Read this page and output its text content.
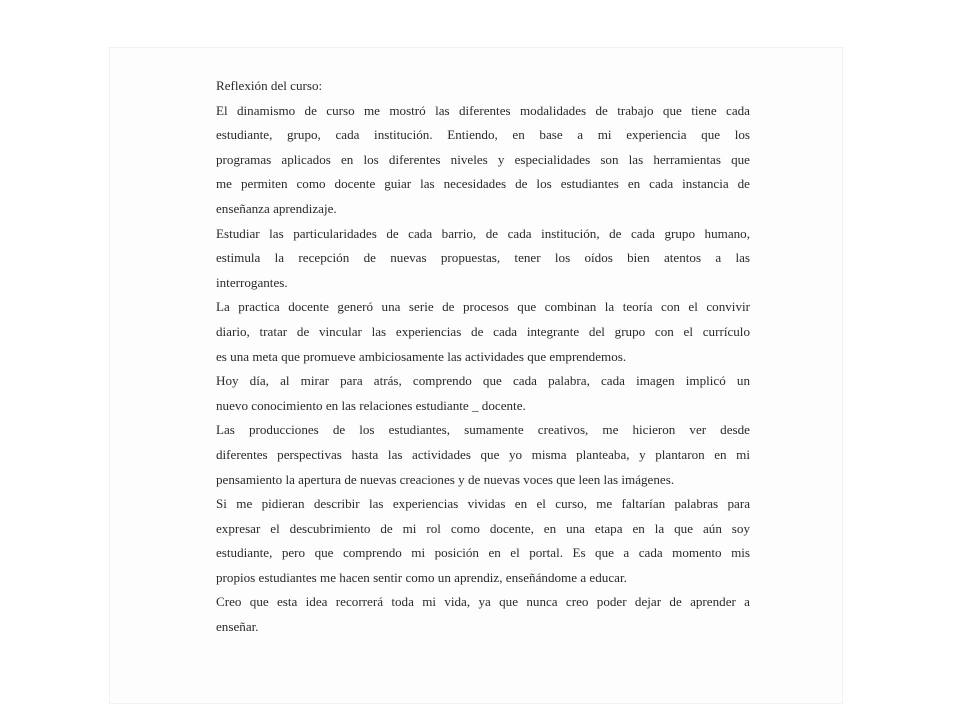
Reflexión del curso:
El dinamismo de curso me mostró las diferentes modalidades de trabajo que tiene cada
estudiante, grupo, cada institución. Entiendo, en base a mi experiencia que los
programas aplicados en los diferentes niveles y especialidades son las herramientas que
me permiten como docente guiar las necesidades de los estudiantes en cada instancia de
enseñanza aprendizaje.
Estudiar las particularidades de cada barrio, de cada institución, de cada grupo humano,
estimula la recepción de nuevas propuestas, tener los oídos bien atentos a las
interrogantes.
La practica docente generó una serie de procesos que combinan la teoría con el convivir
diario, tratar de vincular las experiencias de cada integrante del grupo con el currículo
es una meta que promueve ambiciosamente las actividades que emprendemos.
Hoy día, al mirar para atrás, comprendo que cada palabra, cada imagen implicó un
nuevo conocimiento en las relaciones estudiante _ docente.
Las producciones de los estudiantes, sumamente creativos, me hicieron ver desde
diferentes perspectivas hasta las actividades que yo misma planteaba, y plantaron en mi
pensamiento la apertura de nuevas creaciones y de nuevas voces que leen las imágenes.
Si me pidieran describir las experiencias vividas en el curso, me faltarían palabras para
expresar el descubrimiento de mi rol como docente, en una etapa en la que aún soy
estudiante, pero que comprendo mi posición en el portal. Es que a cada momento mis
propios estudiantes me hacen sentir como un aprendiz, enseñándome a educar.
Creo que esta idea recorrerá toda mi vida, ya que nunca creo poder dejar de aprender a
enseñar.
